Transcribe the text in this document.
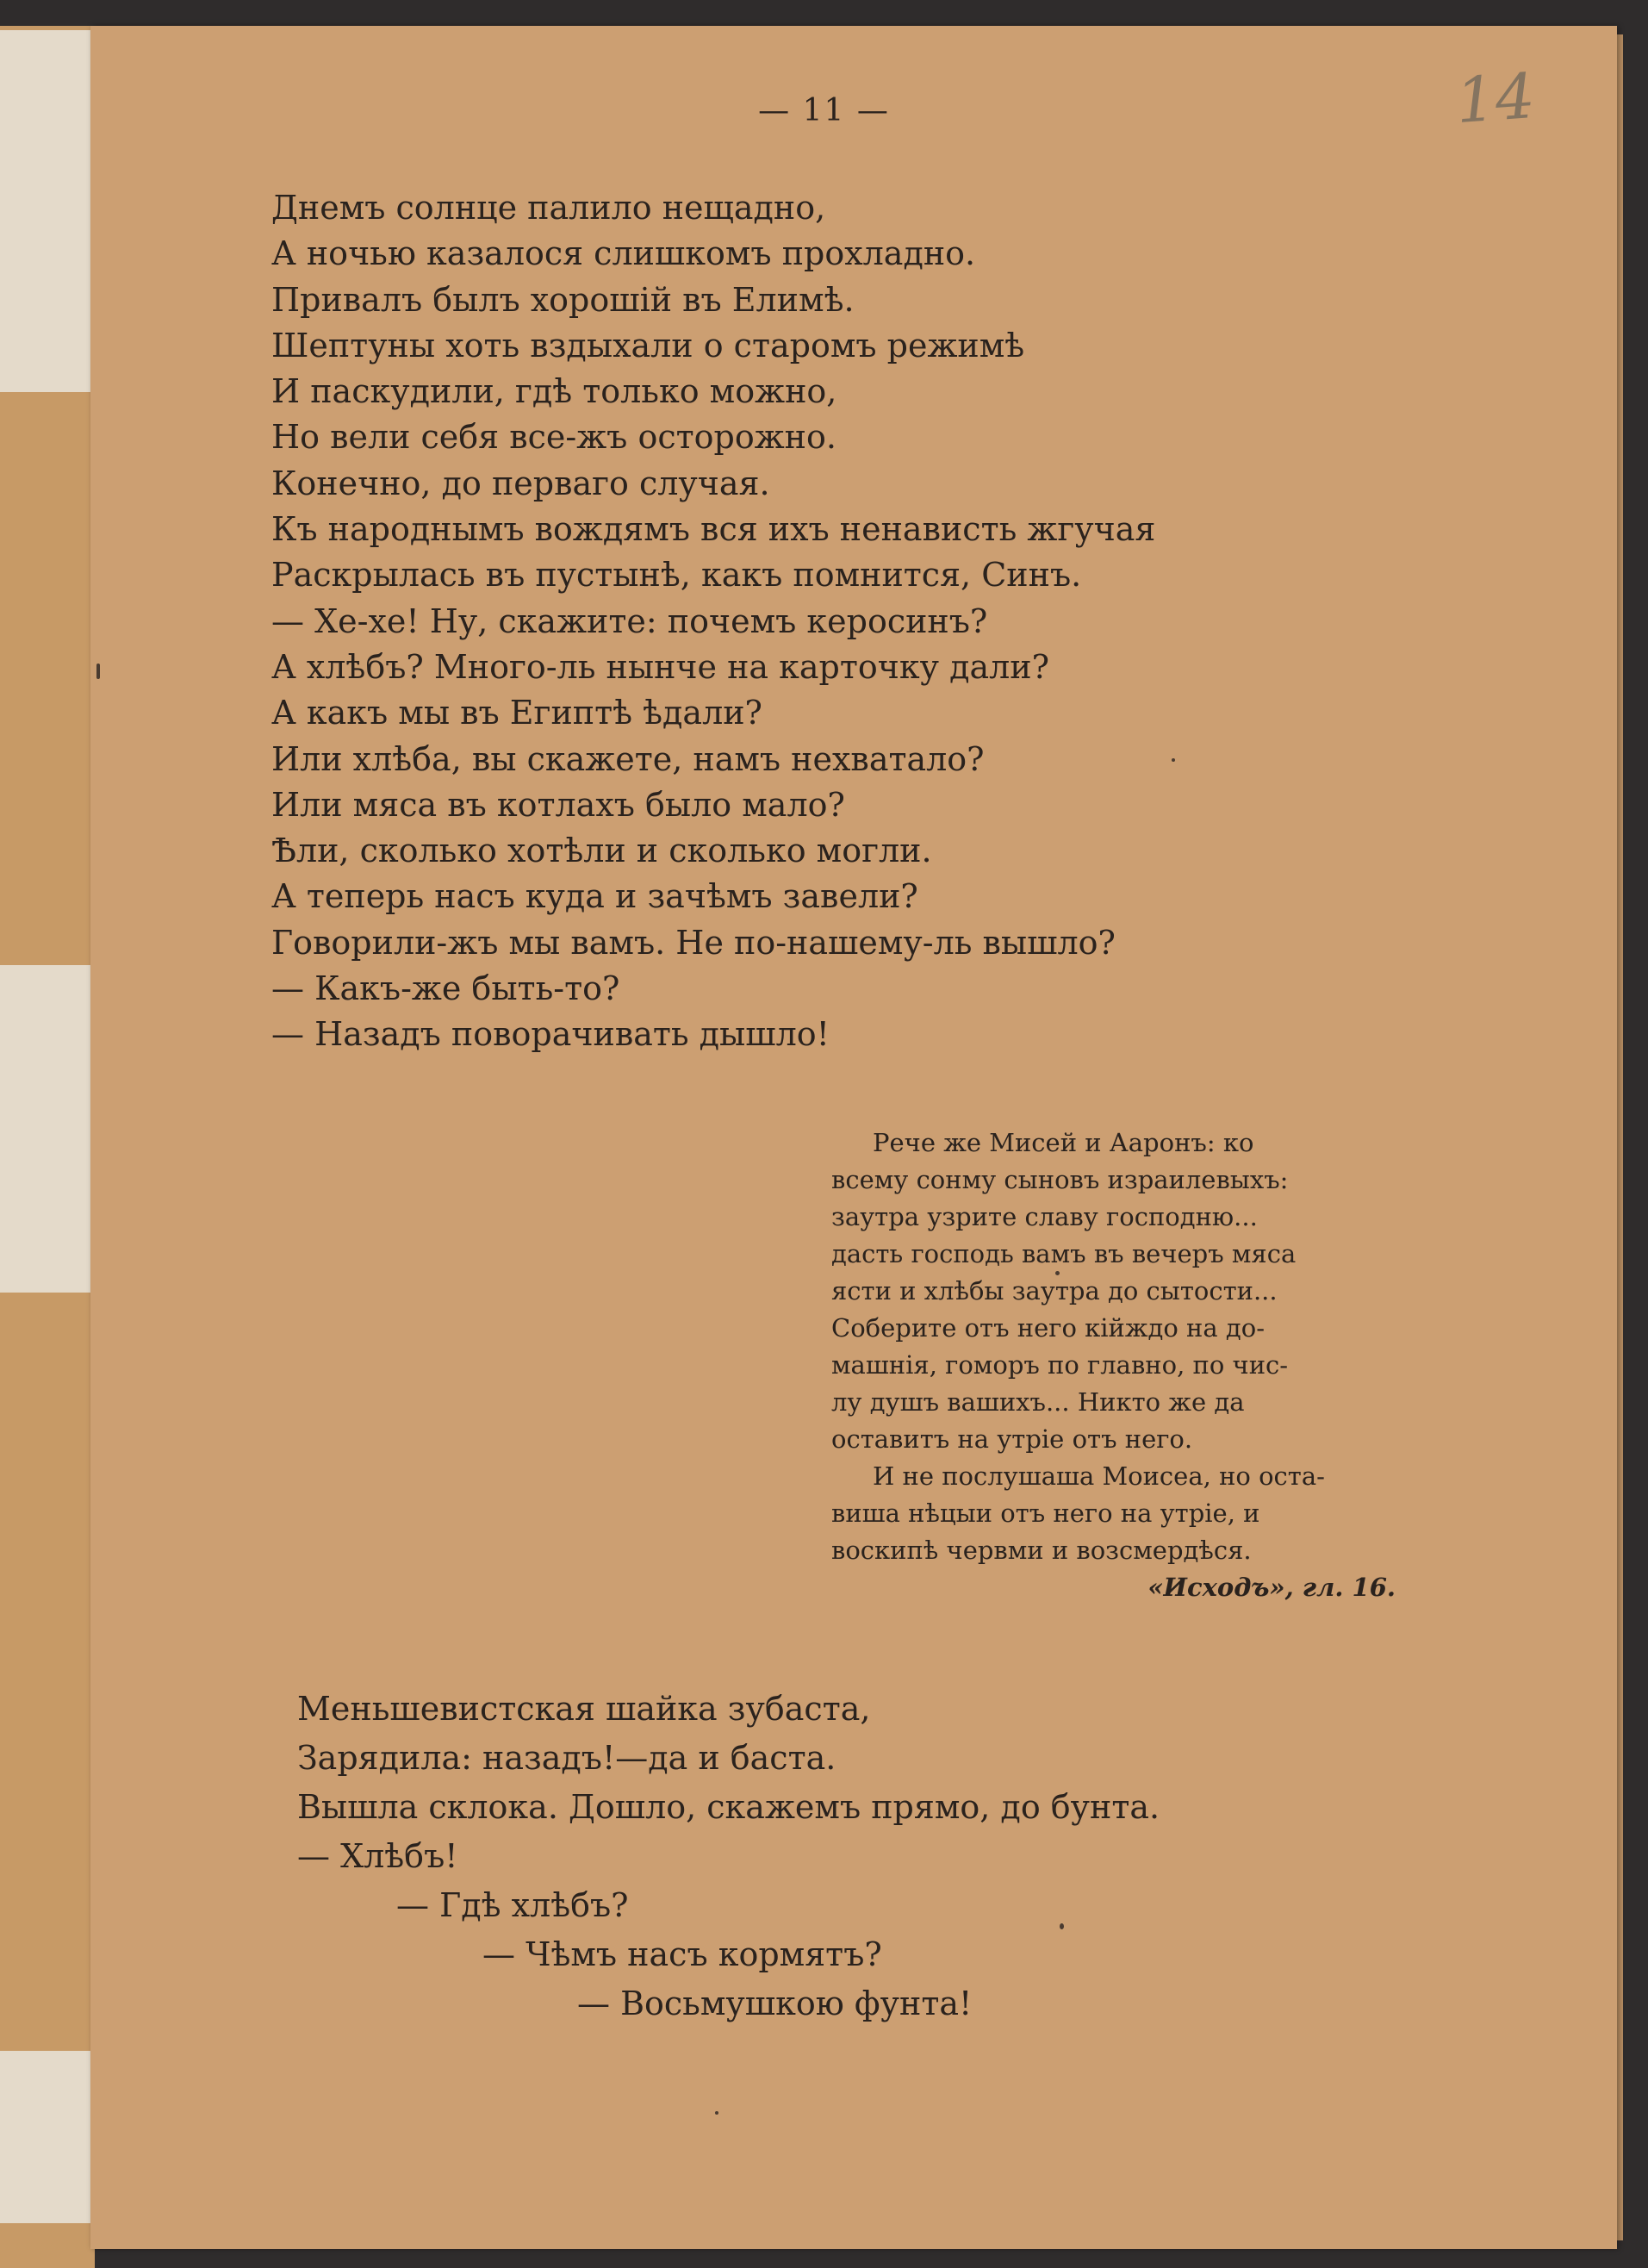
— 11 —	14
Днемъ солнце палило нещадно,
А ночью казалося слишкомъ прохладно.
Привалъ былъ хорошій въ Елимѣ.
Шептуны хоть вздыхали о старомъ режимѣ
И паскудили, гдѣ только можно,
Но вели себя все-жъ осторожно.
Конечно, до перваго случая.
Къ народнымъ вождямъ вся ихъ ненависть жгучая
Раскрылась въ пустынѣ, какъ помнится, Синъ.
— Хе-хе! Ну, скажите: почемъ керосинъ?
А хлѣбъ? Много-ль нынче на карточку дали?
А какъ мы въ Египтѣ ѣдали?
Или хлѣба, вы скажете, намъ нехватало?
Или мяса въ котлахъ было мало?
Ѣли, сколько хотѣли и сколько могли.
А теперь насъ куда и зачѣмъ завели?
Говорили-жъ мы вамъ. Не по-нашему-ль вышло?
— Какъ-же быть-то?
— Назадъ поворачивать дышло!
Рече же Мисей и Ааронъ: ко
всему сонму сыновъ израилевыхъ:
заутра узрите славу господню...
дасть господь вамъ въ вечеръ мяса
ясти и хлѣбы заутра до сытости...
Соберите отъ него кійждо на до-
машнія, гоморъ по главно, по чис-
лу душъ вашихъ... Никто же да
оставитъ на утріе отъ него.
И не послушаша Моисеа, но оста-
виша нѣцыи отъ него на утріе, и
воскипѣ червми и возсмердѣся.
«Исходъ», гл. 16.
Меньшевистская шайка зубаста,
Зарядила: назадъ!—да и баста.
Вышла склока. Дошло, скажемъ прямо, до бунта.
— Хлѣбъ!
— Гдѣ хлѣбъ?
— Чѣмъ насъ кормятъ?
— Восьмушкою фунта!
